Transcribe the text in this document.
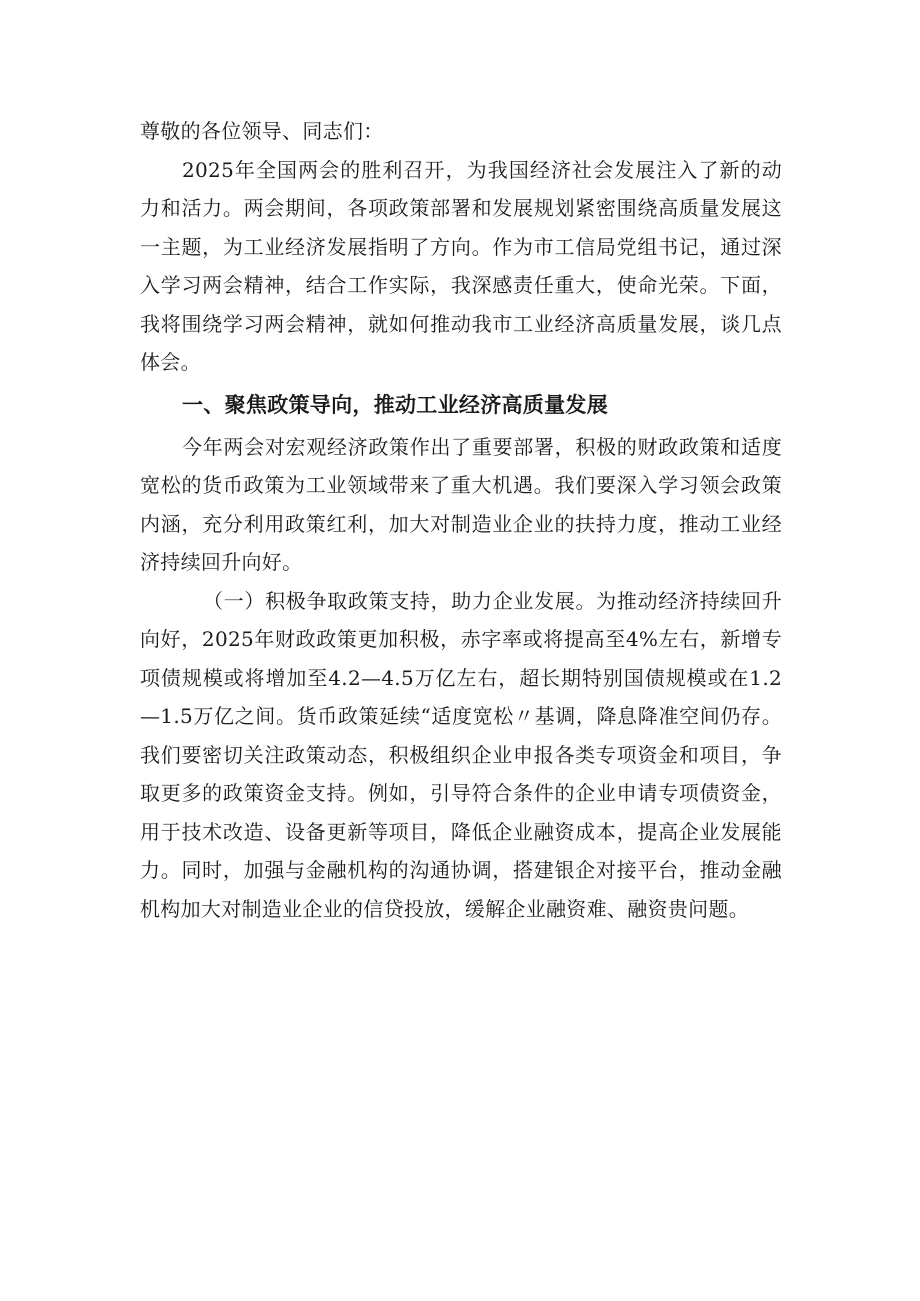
尊敬的各位领导、同志们：

2025年全国两会的胜利召开，为我国经济社会发展注入了新的动力和活力。两会期间，各项政策部署和发展规划紧密围绕高质量发展这一主题，为工业经济发展指明了方向。作为市工信局党组书记，通过深入学习两会精神，结合工作实际，我深感责任重大，使命光荣。下面，我将围绕学习两会精神，就如何推动我市工业经济高质量发展，谈几点体会。

一、聚焦政策导向，推动工业经济高质量发展

今年两会对宏观经济政策作出了重要部署，积极的财政政策和适度宽松的货币政策为工业领域带来了重大机遇。我们要深入学习领会政策内涵，充分利用政策红利，加大对制造业企业的扶持力度，推动工业经济持续回升向好。

（一）积极争取政策支持，助力企业发展。为推动经济持续回升向好，2025年财政政策更加积极，赤字率或将提高至4%左右，新增专项债规模或将增加至4.2—4.5万亿左右，超长期特别国债规模或在1.2—1.5万亿之间。货币政策延续“适度宽松〃基调，降息降准空间仍存。我们要密切关注政策动态，积极组织企业申报各类专项资金和项目，争取更多的政策资金支持。例如，引导符合条件的企业申请专项债资金，用于技术改造、设备更新等项目，降低企业融资成本，提高企业发展能力。同时，加强与金融机构的沟通协调，搭建银企对接平台，推动金融机构加大对制造业企业的信贷投放，缓解企业融资难、融资贵问题。
